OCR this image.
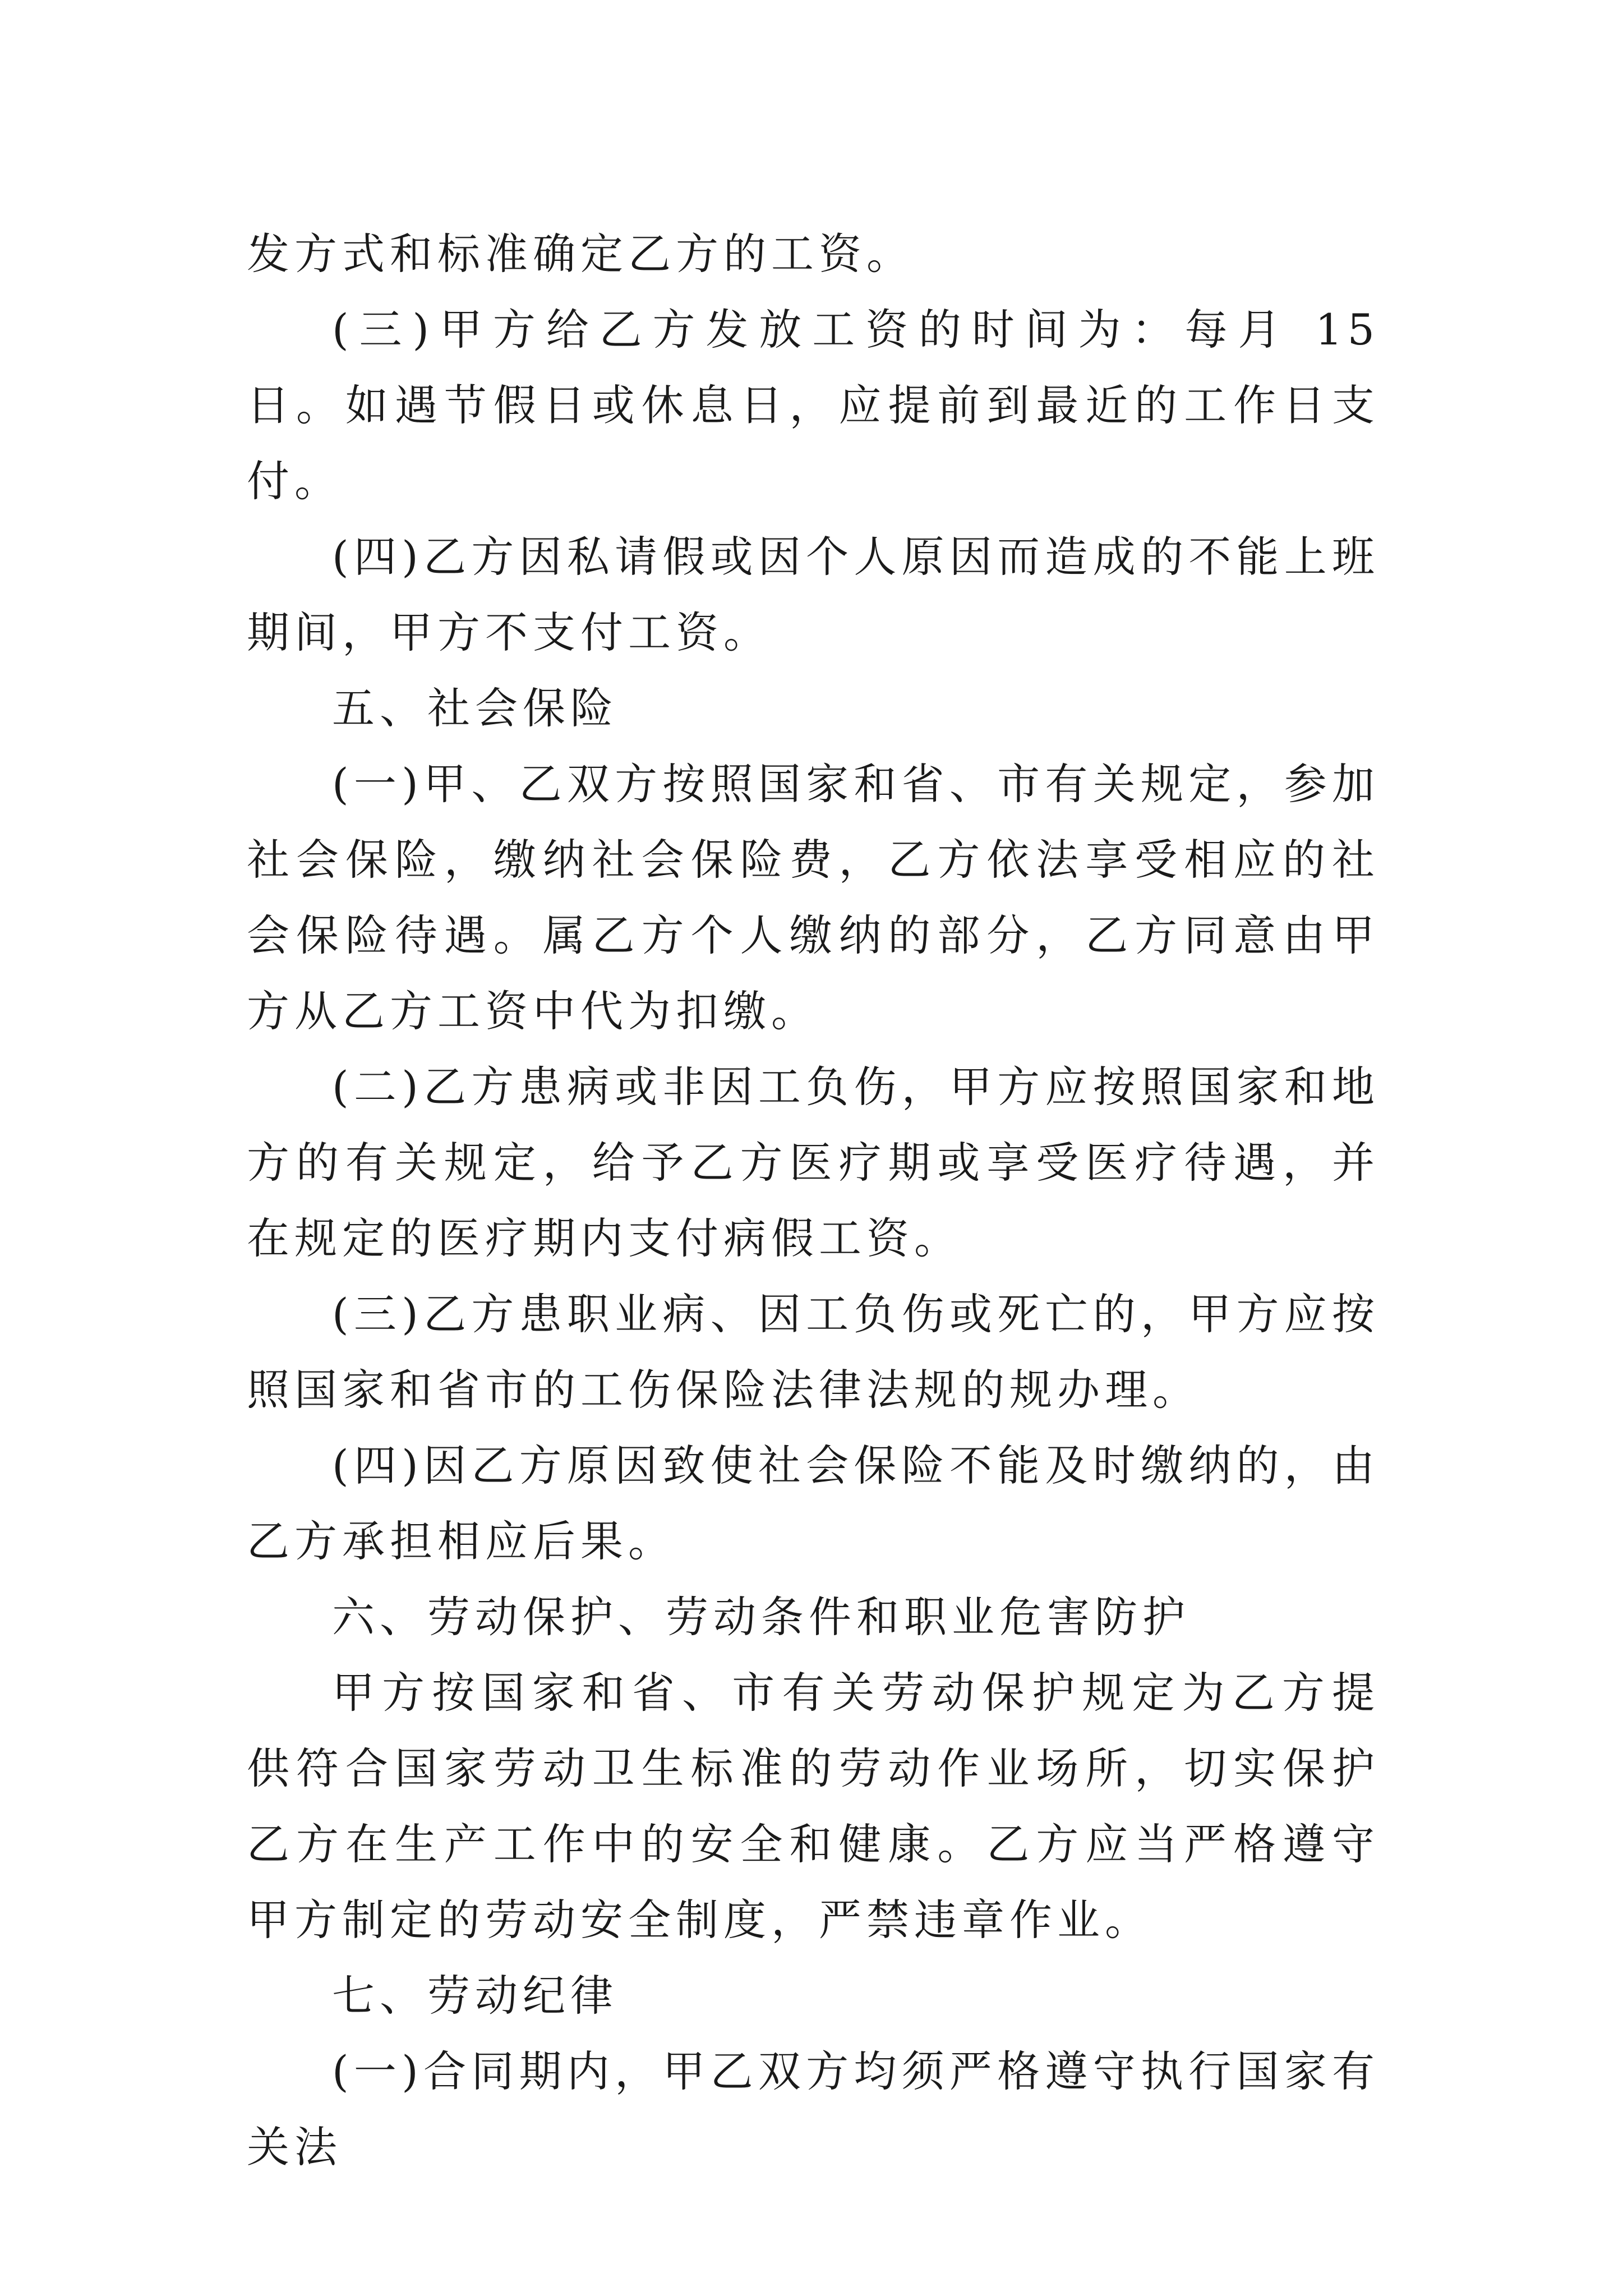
发方式和标准确定乙方的工资。

(三)甲方给乙方发放工资的时间为：每月 15 日。如遇节假日或休息日，应提前到最近的工作日支付。

(四)乙方因私请假或因个人原因而造成的不能上班期间，甲方不支付工资。

五、社会保险

(一)甲、乙双方按照国家和省、市有关规定，参加社会保险，缴纳社会保险费，乙方依法享受相应的社会保险待遇。属乙方个人缴纳的部分，乙方同意由甲方从乙方工资中代为扣缴。

(二)乙方患病或非因工负伤，甲方应按照国家和地方的有关规定，给予乙方医疗期或享受医疗待遇，并在规定的医疗期内支付病假工资。

(三)乙方患职业病、因工负伤或死亡的，甲方应按照国家和省市的工伤保险法律法规的规办理。

(四)因乙方原因致使社会保险不能及时缴纳的，由乙方承担相应后果。

六、劳动保护、劳动条件和职业危害防护

甲方按国家和省、市有关劳动保护规定为乙方提供符合国家劳动卫生标准的劳动作业场所，切实保护乙方在生产工作中的安全和健康。乙方应当严格遵守甲方制定的劳动安全制度，严禁违章作业。

七、劳动纪律

(一)合同期内，甲乙双方均须严格遵守执行国家有关法
